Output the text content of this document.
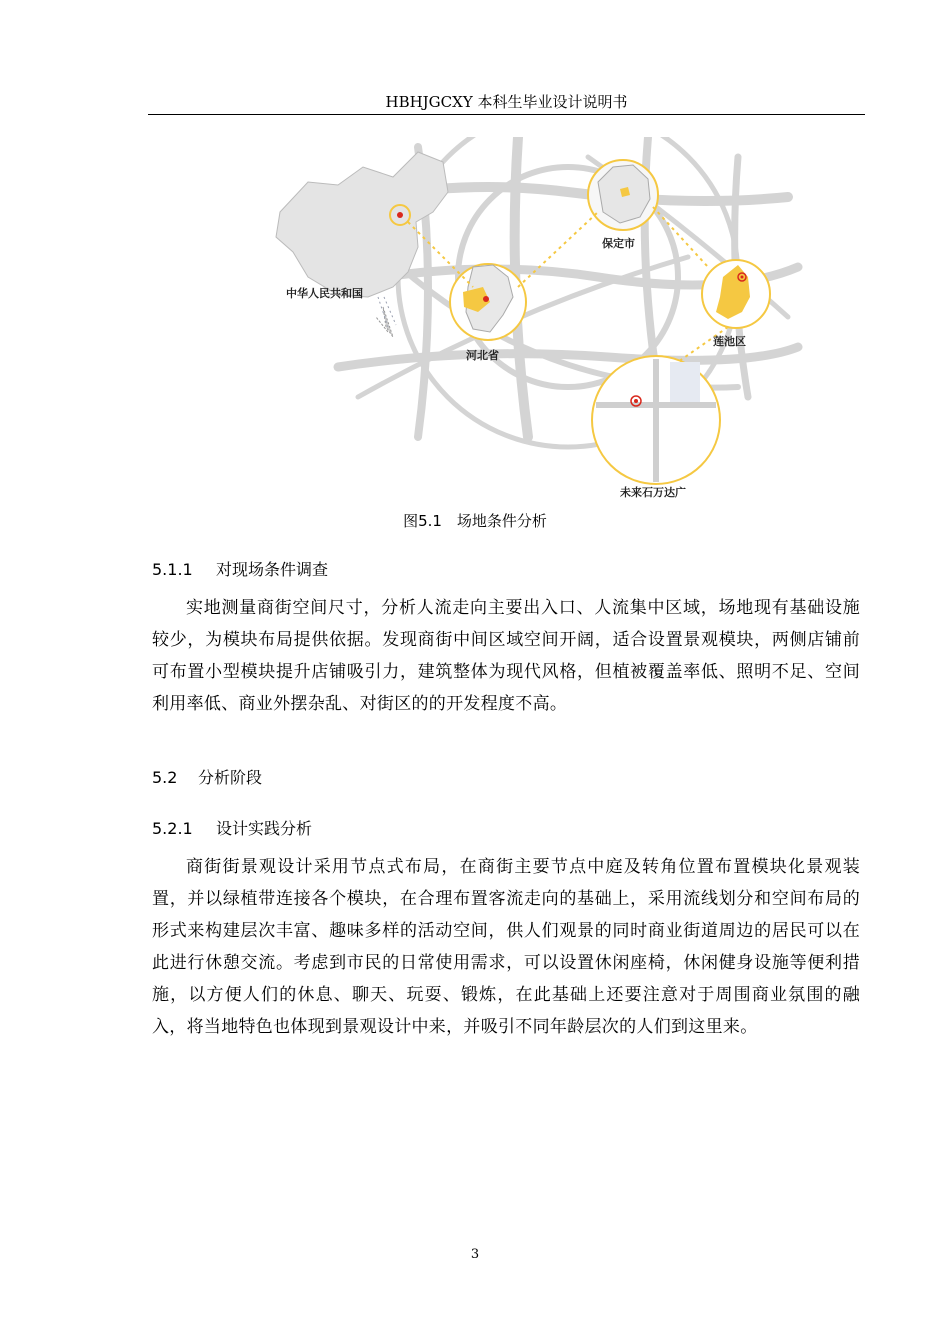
HBHJGCXY 本科生毕业设计说明书
中华人民共和国
河北省
保定市
莲池区
未来石万达广
图5.1　场地条件分析
5.1.1 对现场条件调查
实地测量商街空间尺寸，分析人流走向主要出入口、人流集中区域，场地现有基础设施较少，为模块布局提供依据。发现商街中间区域空间开阔，适合设置景观模块，两侧店铺前可布置小型模块提升店铺吸引力，建筑整体为现代风格，但植被覆盖率低、照明不足、空间利用率低、商业外摆杂乱、对街区的的开发程度不高。
5.2 分析阶段
5.2.1 设计实践分析
商街街景观设计采用节点式布局，在商街主要节点中庭及转角位置布置模块化景观装置，并以绿植带连接各个模块，在合理布置客流走向的基础上，采用流线划分和空间布局的形式来构建层次丰富、趣味多样的活动空间，供人们观景的同时商业街道周边的居民可以在此进行休憩交流。考虑到市民的日常使用需求，可以设置休闲座椅，休闲健身设施等便利措施，以方便人们的休息、聊天、玩耍、锻炼，在此基础上还要注意对于周围商业氛围的融入，将当地特色也体现到景观设计中来，并吸引不同年龄层次的人们到这里来。
3
